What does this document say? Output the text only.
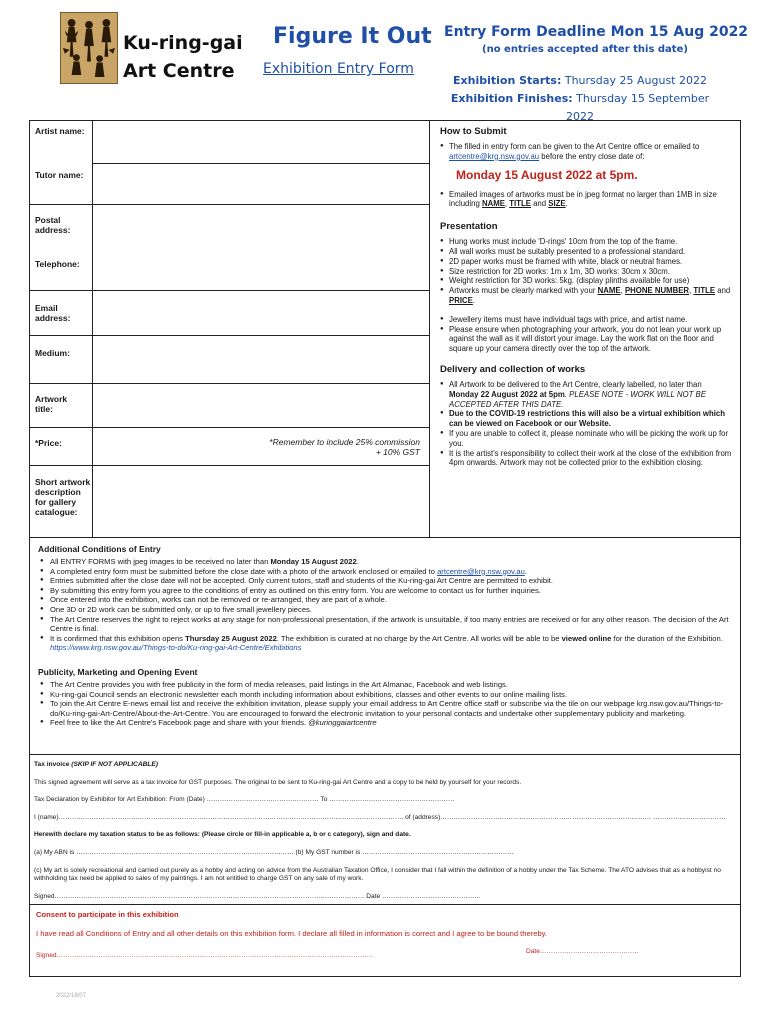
Ku-ring-gai
Art Centre
Figure It Out
Exhibition Entry Form
Entry Form Deadline Mon 15 Aug 2022
(no entries accepted after this date)
Exhibition Starts: Thursday 25 August 2022
Exhibition Finishes: Thursday 15 September 2022
Artist name:
Tutor name:
Postal address:
Telephone:
Email address:
Medium:
Artwork title:
*Price:	*Remember to include 25% commission
+ 10% GST
Short artwork description for gallery catalogue:
How to Submit
● The filled in entry form can be given to the Art Centre office or emailed to artcentre@krg.nsw.gov.au before the entry close date of:
Monday 15 August 2022 at 5pm.
● Emailed images of artworks must be in jpeg format no larger than 1MB in size including NAME, TITLE and SIZE.
Presentation
● Hung works must include 'D-rings' 10cm from the top of the frame.
● All wall works must be suitably presented to a professional standard.
● 2D paper works must be framed with white, black or neutral frames.
● Size restriction for 2D works: 1m x 1m, 3D works: 30cm x 30cm.
● Weight restriction for 3D works: 5kg. (display plinths available for use)
● Artworks must be clearly marked with your NAME, PHONE NUMBER, TITLE and PRICE.
● Jewellery items must have individual tags with price, and artist name.
● Please ensure when photographing your artwork, you do not lean your work up against the wall as it will distort your image. Lay the work flat on the floor and square up your camera directly over the top of the artwork.
Delivery and collection of works
● All Artwork to be delivered to the Art Centre, clearly labelled, no later than Monday 22 August 2022 at 5pm. PLEASE NOTE - WORK WILL NOT BE ACCEPTED AFTER THIS DATE.
● Due to the COVID-19 restrictions this will also be a virtual exhibition which can be viewed on Facebook or our Website.
● If you are unable to collect it, please nominate who will be picking the work up for you.
● It is the artist's responsibility to collect their work at the close of the exhibition from 4pm onwards. Artwork may not be collected prior to the exhibition closing.
Additional Conditions of Entry
● All ENTRY FORMS with jpeg images to be received no later than Monday 15 August 2022.
● A completed entry form must be submitted before the close date with a photo of the artwork enclosed or emailed to artcentre@krg.nsw.gov.au.
● Entries submitted after the close date will not be accepted. Only current tutors, staff and students of the Ku-ring-gai Art Centre are permitted to exhibit.
● By submitting this entry form you agree to the conditions of entry as outlined on this entry form. You are welcome to contact us for further inquiries.
● Once entered into the exhibition, works can not be removed or re-arranged, they are part of a whole.
● One 3D or 2D work can be submitted only, or up to five small jewellery pieces.
● The Art Centre reserves the right to reject works at any stage for non-professional presentation, if the artwork is unsuitable, if too many entries are received or for any other reason. The decision of the Art Centre is final.
● It is confirmed that this exhibition opens Thursday 25 August 2022. The exhibition is curated at no charge by the Art Centre. All works will be able to be viewed online for the duration of the Exhibition. https://www.krg.nsw.gov.au/Things-to-do/Ku-ring-gai-Art-Centre/Exhibitions
Publicity, Marketing and Opening Event
● The Art Centre provides you with free publicity in the form of media releases, paid listings in the Art Almanac, Facebook and web listings.
● Ku-ring-gai Council sends an electronic newsletter each month including information about exhibitions, classes and other events to our online mailing lists.
● To join the Art Centre E-news email list and receive the exhibition invitation, please supply your email address to Art Centre office staff or subscribe via the tile on our webpage krg.nsw.gov.au/Things-to-do/Ku-ring-gai-Art-Centre/About-the-Art-Centre. You are encouraged to forward the electronic invitation to your personal contacts and undertake other supplementary publicity and marketing.
● Feel free to like the Art Centre's Facebook page and share with your friends. @kuringgaiartcentre

Tax invoice (SKIP IF NOT APPLICABLE)

This signed agreement will serve as a tax invoice for GST purposes. The original to be sent to Ku-ring-gai Art Centre and a copy to be held by yourself for your records.

Tax Declaration by Exhibitor for Art Exhibition: From (Date) …………………………………………… To …………………………………………………

I (name)…………………………………………………………………………………………………………………………………………. of (address)…………………………………………………………………………………… ……………………………

Herewith declare my taxation status to be as follows: (Please circle or fill-in applicable a, b or c category), sign and date.

(a) My ABN is ……………………………………………………………………………………… (b) My GST number is ……………………………………………………………

(c) My art is solely recreational and carried out purely as a hobby and acting on advice from the Australian Taxation Office, I consider that I fall within the definition of a hobby under the Tax Scheme. The ATO advises that as a hobbyist no withholding tax need be applied to sales of my paintings. I am not entitled to charge GST on any sale of my work.

Signed…………………………………………………………………………………………………………………………… Date ………………………………………

Consent to participate in this exhibition
I have read all Conditions of Entry and all other details on this exhibition form. I declare all filled in information is correct and I agree to be bound thereby.
Signed………………………………………………………………………………………………………………………………
Date………………………………………
2022/18/07
